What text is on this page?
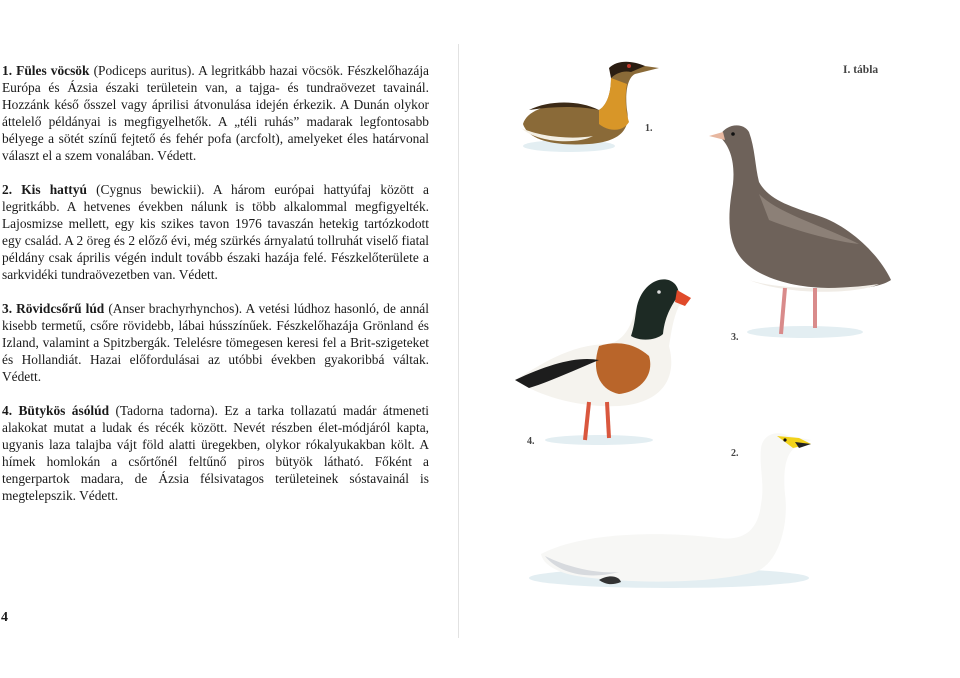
1. Füles vöcsök (Podiceps auritus). A legritkább hazai vöcsök. Fészkelőhazája Európa és Ázsia északi területein van, a tajga- és tundraövezet tavainál. Hozzánk késő ősszel vagy áprilisi átvonulása idején érkezik. A Dunán olykor áttelelő példányai is megfigyelhetők. A „téli ruhás” madarak legfontosabb bélyege a sötét színű fejtető és fehér pofa (arcfolt), amelyeket éles határvonal választ el a szem vonalában. Védett.

2. Kis hattyú (Cygnus bewickii). A három európai hattyúfaj között a legritkább. A hetvenes években nálunk is több alkalommal megfigyelték. Lajosmizse mellett, egy kis szikes tavon 1976 tavaszán hetekig tartózkodott egy család. A 2 öreg és 2 előző évi, még szürkés árnyalatú tollruhát viselő fiatal példány csak április végén indult tovább északi hazája felé. Fészkelőterülete a sarkvidéki tundraövezetben van. Védett.

3. Rövidcsőrű lúd (Anser brachyrhynchos). A vetési lúdhoz hasonló, de annál kisebb termetű, csőre rövidebb, lábai hússzínűek. Fészkelőhazája Grönland és Izland, valamint a Spitzbergák. Telelésre tömegesen keresi fel a Brit-szigeteket és Hollandiát. Hazai előfordulásai az utóbbi években gyakoribbá váltak. Védett.

4. Bütykös ásólúd (Tadorna tadorna). Ez a tarka tollazatú madár átmeneti alakokat mutat a ludak és récék között. Nevét részben élet-módjáról kapta, ugyanis laza talajba vájt föld alatti üregekben, olykor rókalyukakban költ. A hímek homlokán a csőrtőnél feltűnő piros bütyök látható. Főként a tengerpartok madara, de Ázsia félsivatagos területeinek sóstavainál is megtelepszik. Védett.

4
1.
3.
4.
2.
I. tábla
